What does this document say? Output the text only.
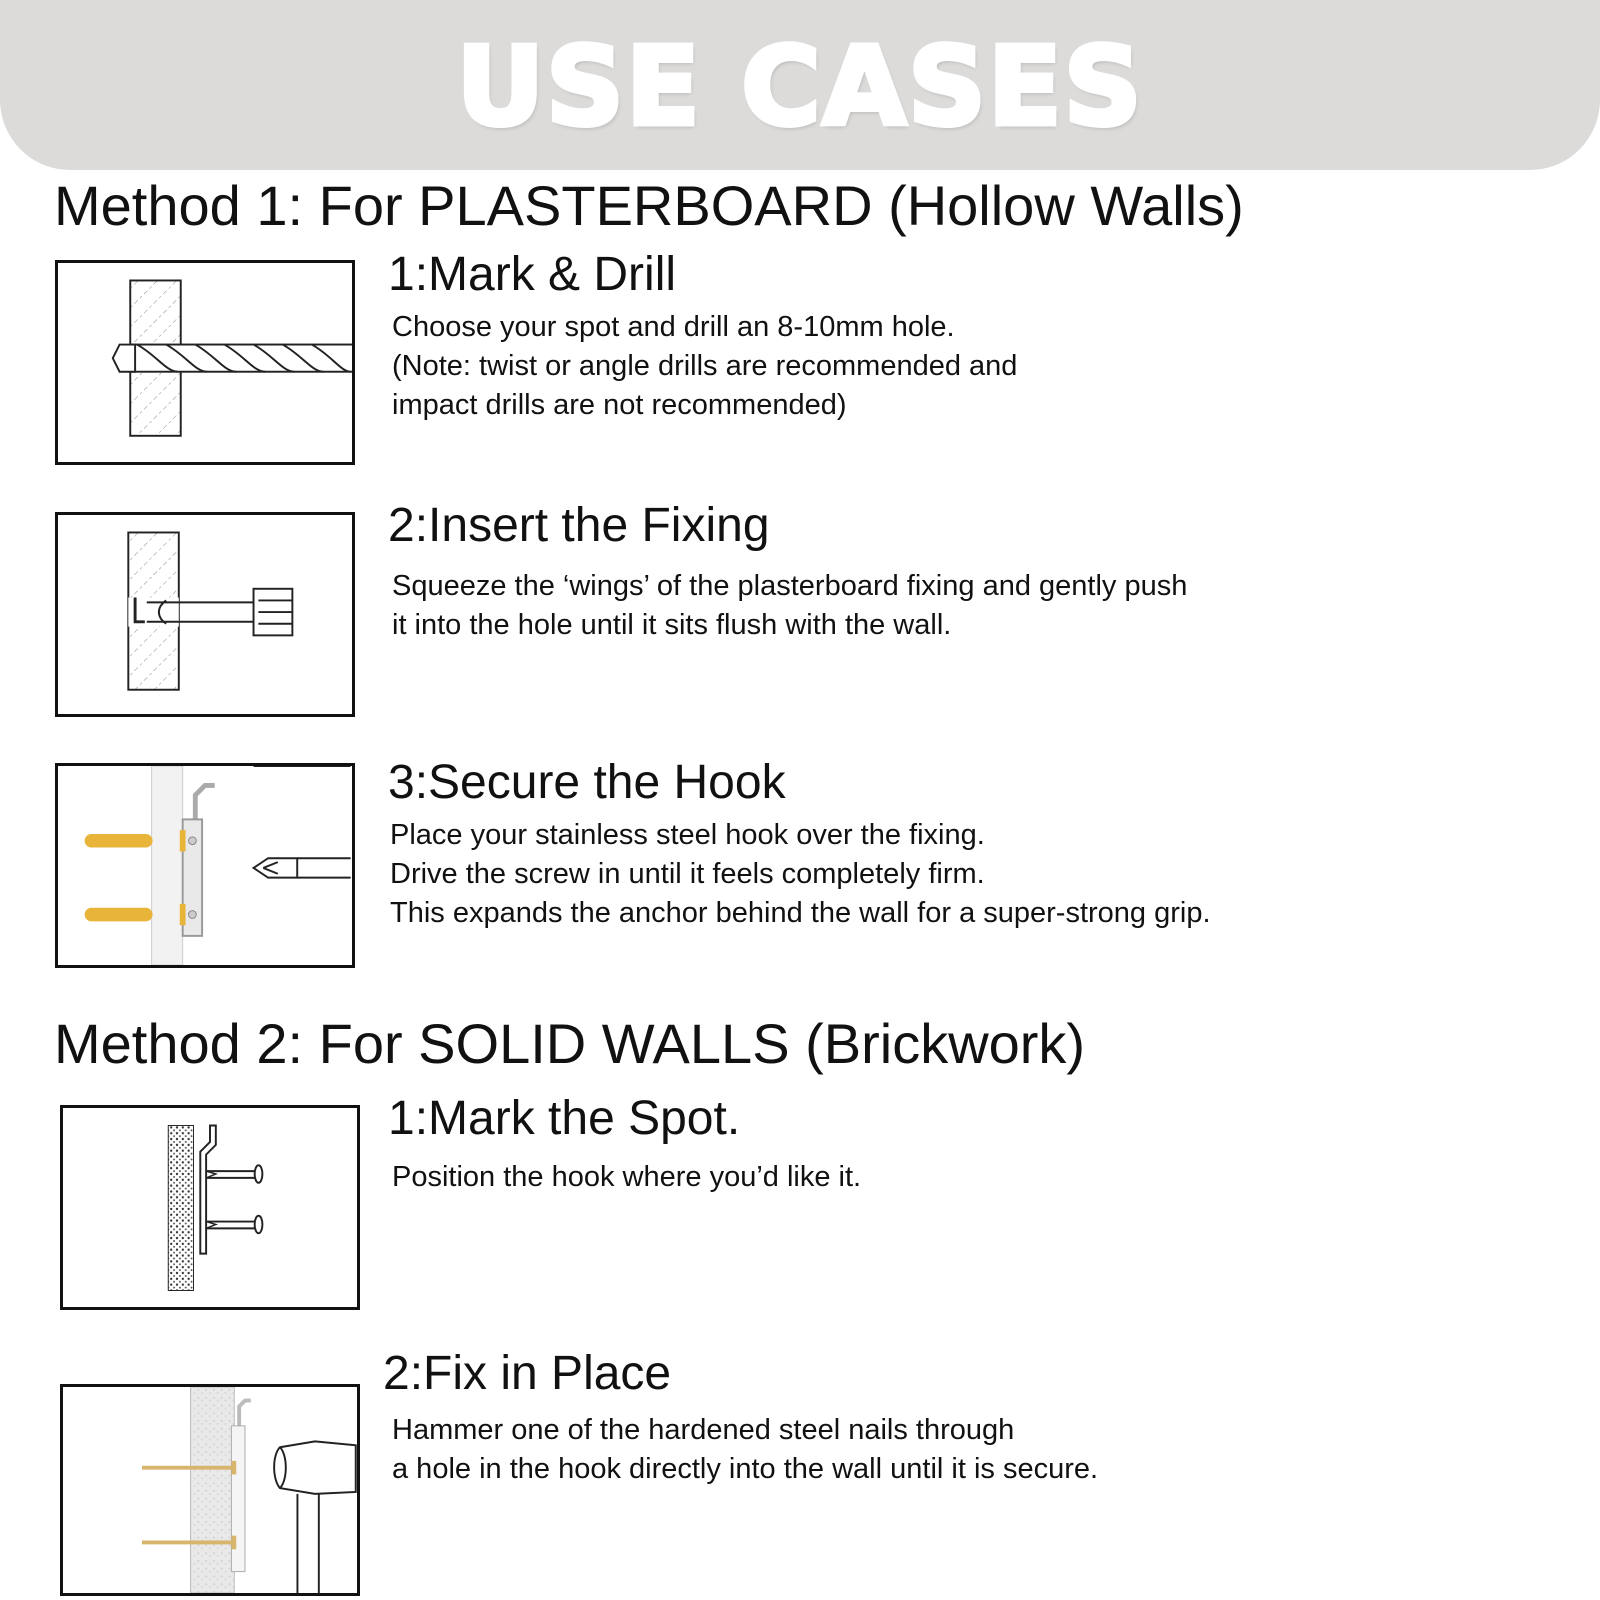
USE CASES
Method 1: For PLASTERBOARD (Hollow Walls)
1:Mark & Drill
Choose your spot and drill an 8-10mm hole.
(Note: twist or angle drills are recommended and
impact drills are not recommended)
2:Insert the Fixing
Squeeze the ‘wings’ of the plasterboard fixing and gently push
it into the hole until it sits flush with the wall.
3:Secure the Hook
Place your stainless steel hook over the fixing.
Drive the screw in until it feels completely firm.
This expands the anchor behind the wall for a super-strong grip.
Method 2: For SOLID WALLS (Brickwork)
1:Mark the Spot.
Position the hook where you’d like it.
2:Fix in Place
Hammer one of the hardened steel nails through
a hole in the hook directly into the wall until it is secure.
